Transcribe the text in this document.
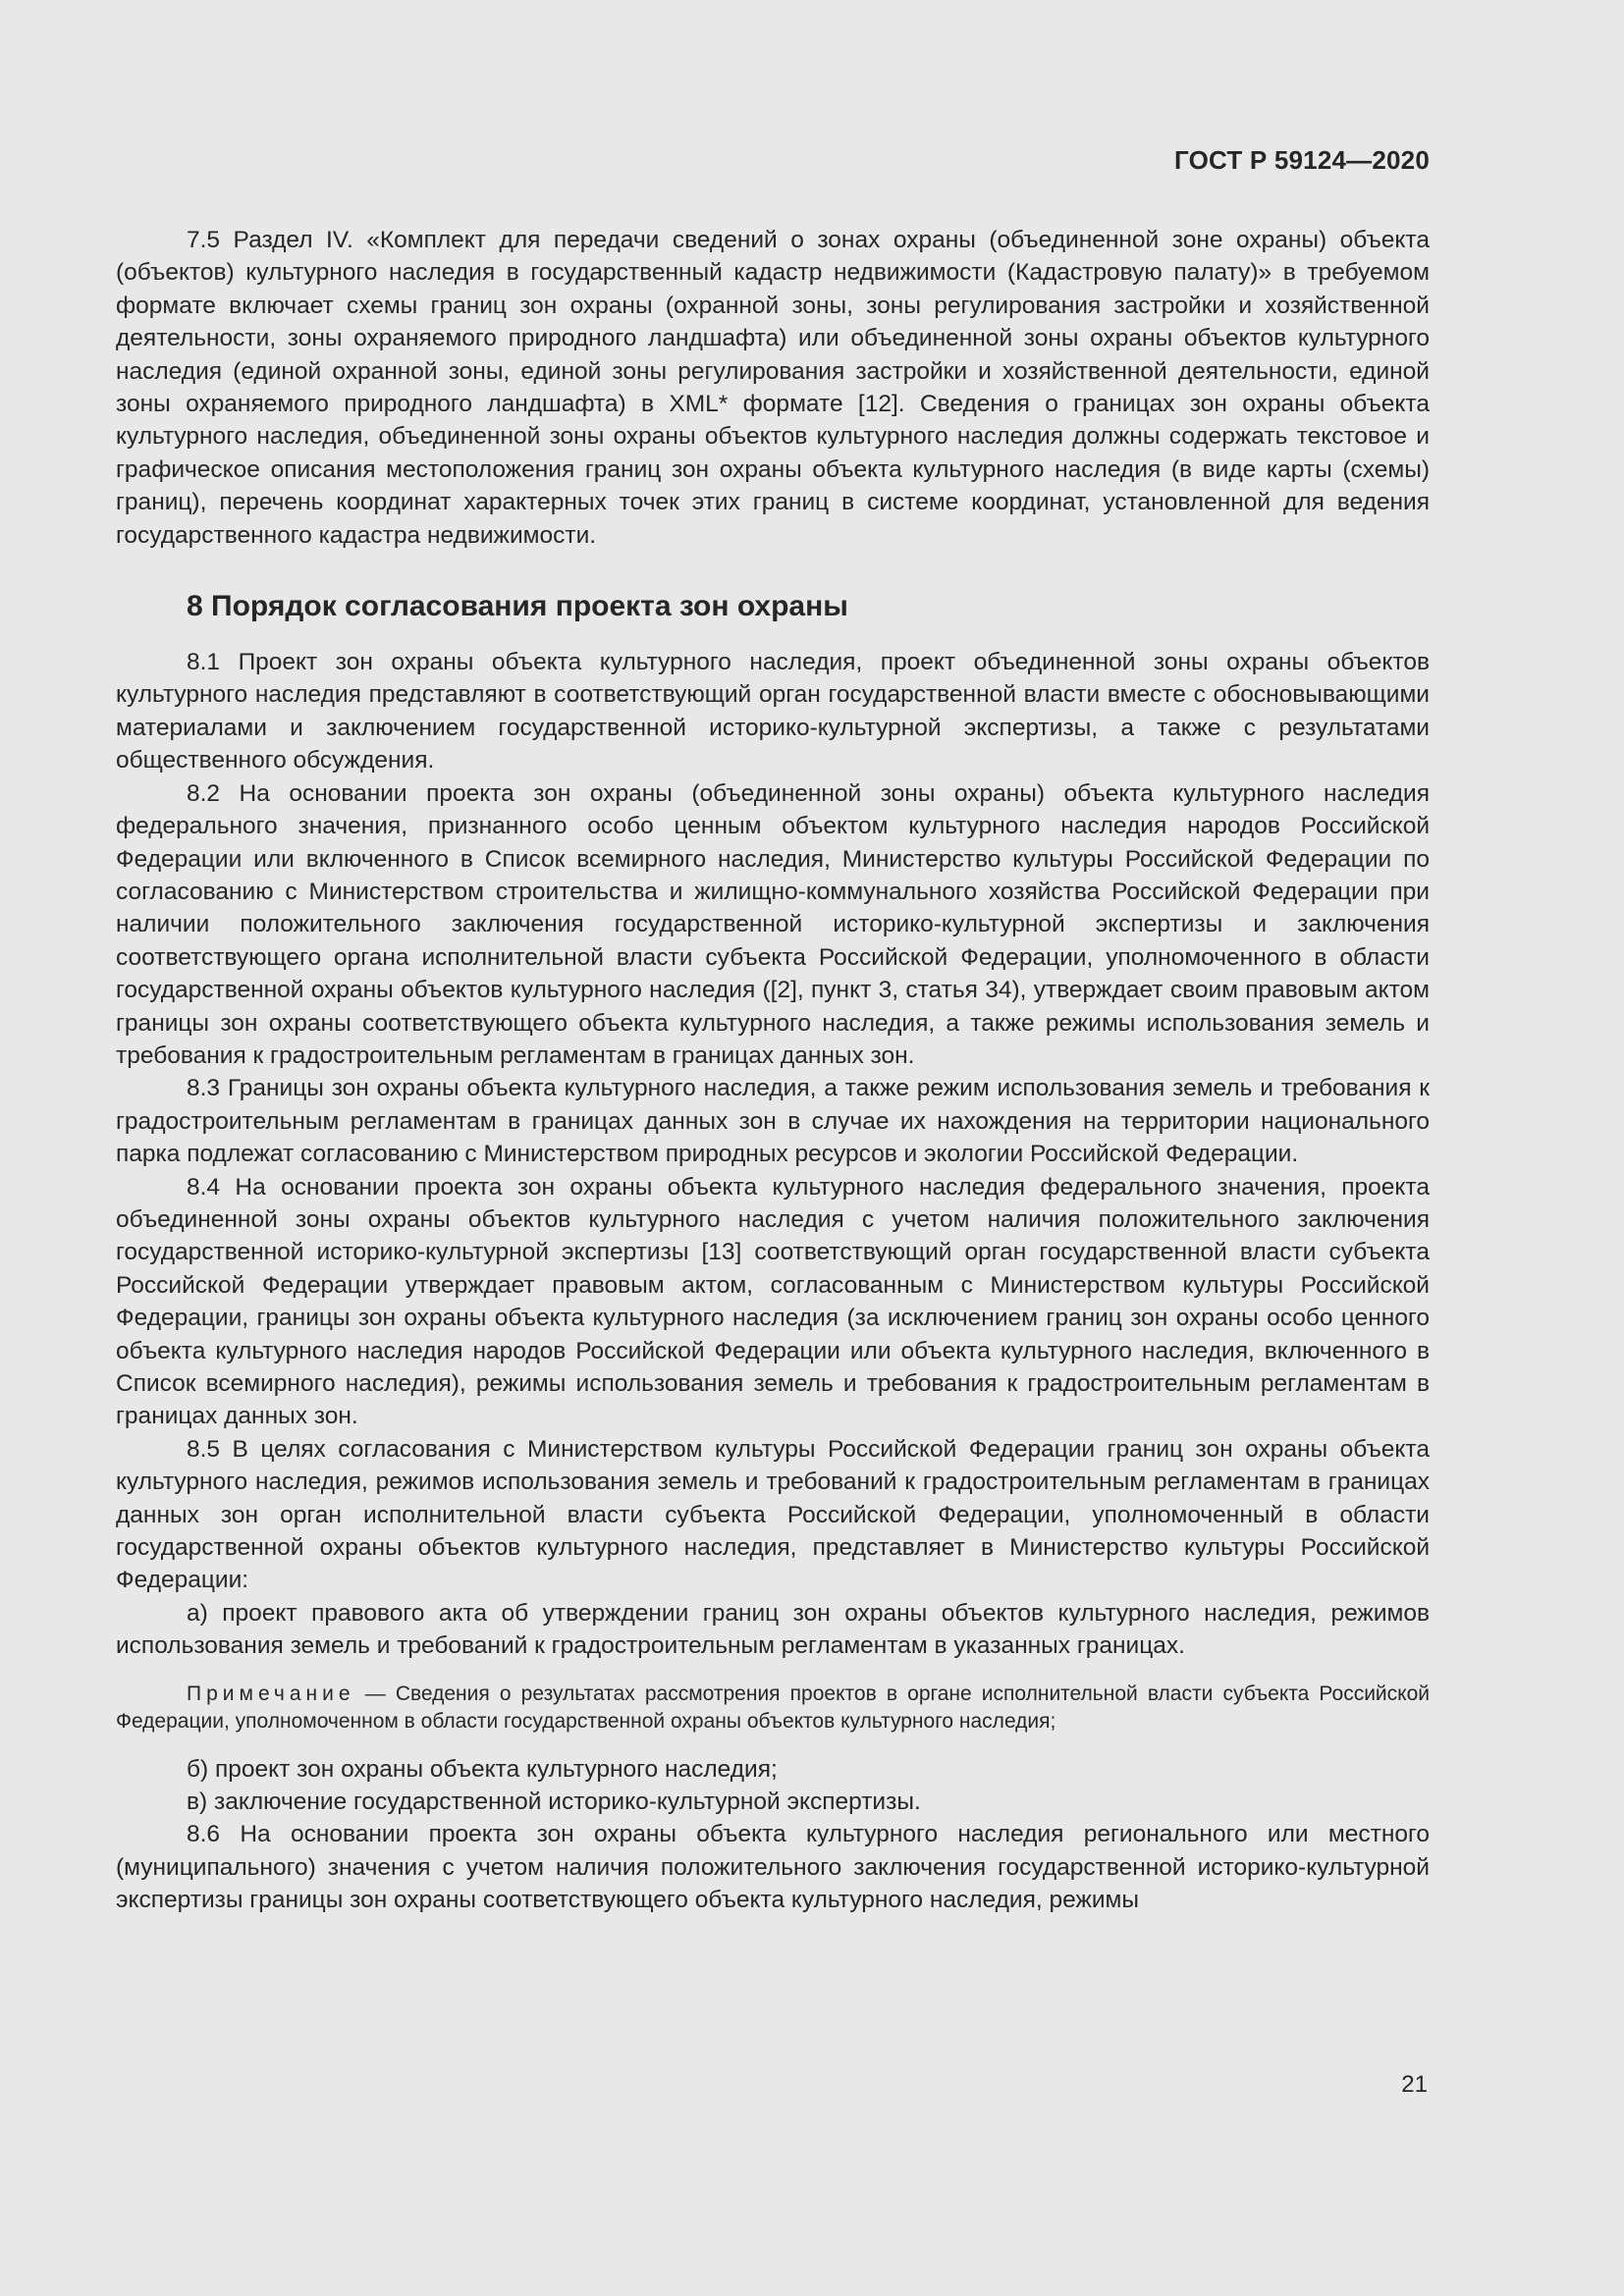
ГОСТ Р 59124—2020

7.5 Раздел IV. «Комплект для передачи сведений о зонах охраны (объединенной зоне охраны) объекта (объектов) культурного наследия в государственный кадастр недвижимости (Кадастровую палату)» в требуемом формате включает схемы границ зон охраны (охранной зоны, зоны регулирования застройки и хозяйственной деятельности, зоны охраняемого природного ландшафта) или объединенной зоны охраны объектов культурного наследия (единой охранной зоны, единой зоны регулирования застройки и хозяйственной деятельности, единой зоны охраняемого природного ландшафта) в XML* формате [12]. Сведения о границах зон охраны объекта культурного наследия, объединенной зоны охраны объектов культурного наследия должны содержать текстовое и графическое описания местоположения границ зон охраны объекта культурного наследия (в виде карты (схемы) границ), перечень координат характерных точек этих границ в системе координат, установленной для ведения государственного кадастра недвижимости.

8 Порядок согласования проекта зон охраны

8.1 Проект зон охраны объекта культурного наследия, проект объединенной зоны охраны объектов культурного наследия представляют в соответствующий орган государственной власти вместе с обосновывающими материалами и заключением государственной историко-культурной экспертизы, а также с результатами общественного обсуждения.

8.2 На основании проекта зон охраны (объединенной зоны охраны) объекта культурного наследия федерального значения, признанного особо ценным объектом культурного наследия народов Российской Федерации или включенного в Список всемирного наследия, Министерство культуры Российской Федерации по согласованию с Министерством строительства и жилищно-коммунального хозяйства Российской Федерации при наличии положительного заключения государственной историко-культурной экспертизы и заключения соответствующего органа исполнительной власти субъекта Российской Федерации, уполномоченного в области государственной охраны объектов культурного наследия ([2], пункт 3, статья 34), утверждает своим правовым актом границы зон охраны соответствующего объекта культурного наследия, а также режимы использования земель и требования к градостроительным регламентам в границах данных зон.

8.3 Границы зон охраны объекта культурного наследия, а также режим использования земель и требования к градостроительным регламентам в границах данных зон в случае их нахождения на территории национального парка подлежат согласованию с Министерством природных ресурсов и экологии Российской Федерации.

8.4 На основании проекта зон охраны объекта культурного наследия федерального значения, проекта объединенной зоны охраны объектов культурного наследия с учетом наличия положительного заключения государственной историко-культурной экспертизы [13] соответствующий орган государственной власти субъекта Российской Федерации утверждает правовым актом, согласованным с Министерством культуры Российской Федерации, границы зон охраны объекта культурного наследия (за исключением границ зон охраны особо ценного объекта культурного наследия народов Российской Федерации или объекта культурного наследия, включенного в Список всемирного наследия), режимы использования земель и требования к градостроительным регламентам в границах данных зон.

8.5 В целях согласования с Министерством культуры Российской Федерации границ зон охраны объекта культурного наследия, режимов использования земель и требований к градостроительным регламентам в границах данных зон орган исполнительной власти субъекта Российской Федерации, уполномоченный в области государственной охраны объектов культурного наследия, представляет в Министерство культуры Российской Федерации:

а) проект правового акта об утверждении границ зон охраны объектов культурного наследия, режимов использования земель и требований к градостроительным регламентам в указанных границах.

Примечание — Сведения о результатах рассмотрения проектов в органе исполнительной власти субъекта Российской Федерации, уполномоченном в области государственной охраны объектов культурного наследия;

б) проект зон охраны объекта культурного наследия;

в) заключение государственной историко-культурной экспертизы.

8.6 На основании проекта зон охраны объекта культурного наследия регионального или местного (муниципального) значения с учетом наличия положительного заключения государственной историко-культурной экспертизы границы зон охраны соответствующего объекта культурного наследия, режимы

21
